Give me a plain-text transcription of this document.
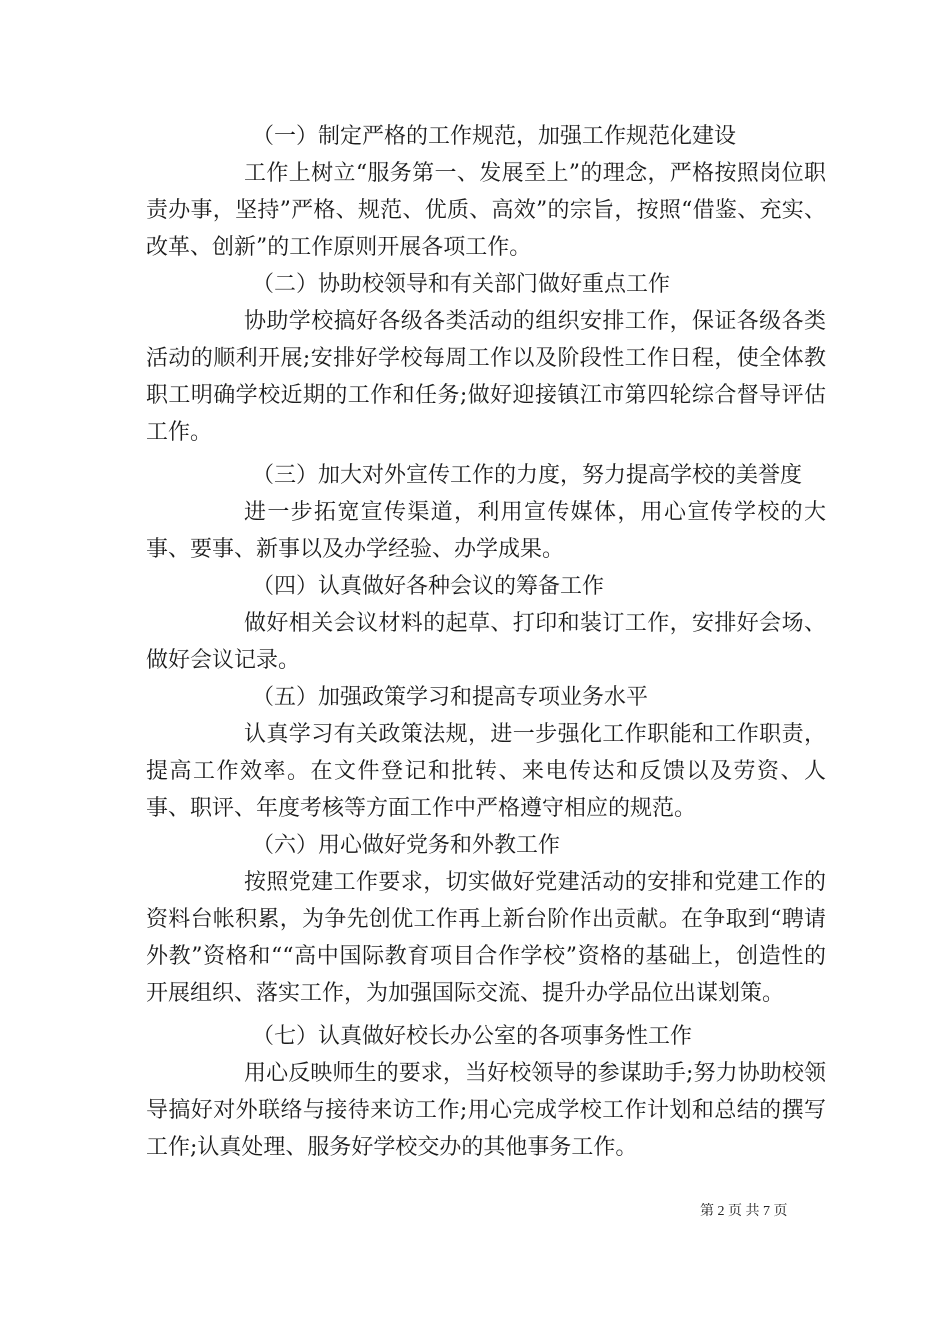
（一）制定严格的工作规范，加强工作规范化建设

工作上树立“服务第一、发展至上”的理念，严格按照岗位职责办事，坚持”严格、规范、优质、高效”的宗旨，按照“借鉴、充实、改革、创新”的工作原则开展各项工作。

（二）协助校领导和有关部门做好重点工作

协助学校搞好各级各类活动的组织安排工作，保证各级各类活动的顺利开展;安排好学校每周工作以及阶段性工作日程，使全体教职工明确学校近期的工作和任务;做好迎接镇江市第四轮综合督导评估工作。

（三）加大对外宣传工作的力度，努力提高学校的美誉度

进一步拓宽宣传渠道，利用宣传媒体，用心宣传学校的大事、要事、新事以及办学经验、办学成果。

（四）认真做好各种会议的筹备工作

做好相关会议材料的起草、打印和装订工作，安排好会场、做好会议记录。

（五）加强政策学习和提高专项业务水平

认真学习有关政策法规，进一步强化工作职能和工作职责，提高工作效率。在文件登记和批转、来电传达和反馈以及劳资、人事、职评、年度考核等方面工作中严格遵守相应的规范。

（六）用心做好党务和外教工作

按照党建工作要求，切实做好党建活动的安排和党建工作的资料台帐积累，为争先创优工作再上新台阶作出贡献。在争取到“聘请外教”资格和““高中国际教育项目合作学校”资格的基础上，创造性的开展组织、落实工作，为加强国际交流、提升办学品位出谋划策。

（七）认真做好校长办公室的各项事务性工作

用心反映师生的要求，当好校领导的参谋助手;努力协助校领导搞好对外联络与接待来访工作;用心完成学校工作计划和总结的撰写工作;认真处理、服务好学校交办的其他事务工作。

第 2 页 共 7 页
